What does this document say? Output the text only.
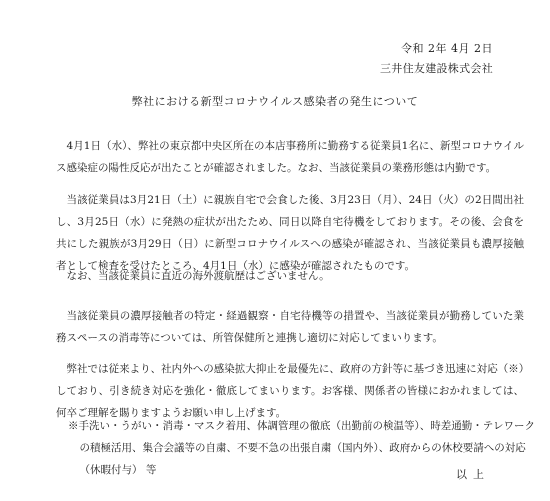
令和 2年 4月 2日
三井住友建設株式会社
弊社における新型コロナウイルス感染者の発生について

4月1日（水）、弊社の東京都中央区所在の本店事務所に勤務する従業員1名に、新型コロナウイルス感染症の陽性反応が出たことが確認されました。なお、当該従業員の業務形態は内勤です。

当該従業員は3月21日（土）に親族自宅で会食した後、3月23日（月）、24日（火）の2日間出社し、3月25日（水）に発熱の症状が出たため、同日以降自宅待機をしております。その後、会食を共にした親族が3月29日（日）に新型コロナウイルスへの感染が確認され、当該従業員も濃厚接触者として検査を受けたところ、4月1日（水）に感染が確認されたものです。

なお、当該従業員に直近の海外渡航歴はございません。

当該従業員の濃厚接触者の特定・経過観察・自宅待機等の措置や、当該従業員が勤務していた業務スペースの消毒等については、所管保健所と連携し適切に対応してまいります。

弊社では従来より、社内外への感染拡大抑止を最優先に、政府の方針等に基づき迅速に対応（※）しており、引き続き対応を強化・徹底してまいります。お客様、関係者の皆様におかれましては、何卒ご理解を賜りますようお願い申し上げます。

※手洗い・うがい・消毒・マスク着用、体調管理の徹底（出勤前の検温等）、時差通勤・テレワークの積極活用、集合会議等の自粛、不要不急の出張自粛（国内外）、政府からの休校要請への対応（休暇付与） 等	以上
